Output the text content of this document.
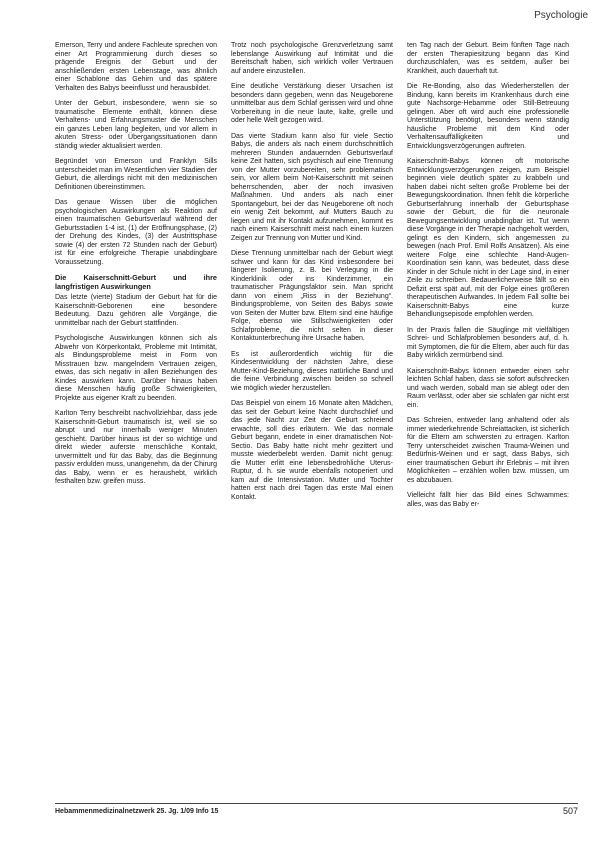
Psychologie

Emerson, Terry und andere Fachleute sprechen von einer Art Programmierung durch dieses so prägende Ereignis der Geburt und der anschließenden ersten Lebenstage, was ähnlich einer Schablone das Gehirn und das spätere Verhalten des Babys beeinflusst und herausbildet.

Unter der Geburt, insbesondere, wenn sie so traumatische Elemente enthält, können diese Verhaltens- und Erfahrungsmuster die Menschen ein ganzes Leben lang begleiten, und vor allem in akuten Stress- oder Übergangssituationen dann ständig wieder aktualisiert werden.

Begründet von Emerson und Franklyn Sills unterscheidet man im Wesentlichen vier Stadien der Geburt, die allerdings nicht mit den medizinischen Definitionen übereinstimmen.

Das genaue Wissen über die möglichen psychologischen Auswirkungen als Reaktion auf einen traumatischen Geburtsverlauf während der Geburtsstadien 1-4 ist, (1) der Eröffnungsphase, (2) der Drehung des Kindes, (3) der Austrittsphase sowie (4) der ersten 72 Stunden nach der Geburt) ist für eine erfolgreiche Therapie unabdingbare Voraussetzung.

Die Kaiserschnitt-Geburt und ihre langfristigen Auswirkungen

Das letzte (vierte) Stadium der Geburt hat für die Kaiserschnitt-Geborenen eine besondere Bedeutung. Dazu gehören alle Vorgänge, die unmittelbar nach der Geburt stattfinden.

Psychologische Auswirkungen können sich als Abwehr von Körperkontakt, Probleme mit Intimität, als Bindungsprobleme meist in Form von Misstrauen bzw. mangelndem Vertrauen zeigen, etwas, das sich negativ in allen Beziehungen des Kindes auswirken kann. Darüber hinaus haben diese Menschen häufig große Schwierigkeiten, Projekte aus eigener Kraft zu beenden.

Karlton Terry beschreibt nachvollziehbar, dass jede Kaiserschnitt-Geburt traumatisch ist, weil sie so abrupt und nur innerhalb weniger Minuten geschieht. Darüber hinaus ist der so wichtige und direkt wieder auferste menschliche Kontakt, unvermittelt und für das Baby, das die Beginnung passiv erdulden muss, unangenehm, da der Chirurg das Baby, wenn er es heraushebt, wirklich festhalten bzw. greifen muss.

Trotz noch psychologische Grenzverletzung samt lebenslange Auswirkung auf Intimität und die Bereitschaft haben, sich wirklich voller Vertrauen auf andere einzustellen.

Eine deutliche Verstärkung dieser Ursachen ist besonders dann gegeben, wenn das Neugeborene unmittelbar aus dem Schlaf gerissen wird und ohne Vorbereitung in die neue laute, kalte, grelle und oder helle Welt gezogen wird.

Das vierte Stadium kann also für viele Sectio Babys, die anders als nach einem durchschnittlich mehreren Stunden andauernden Geburtsverlauf keine Zeit hatten, sich psychisch auf eine Trennung von der Mutter vorzubereiten, sehr problematisch sein, vor allem beim Not-Kaiserschnitt mit seinen beherrschenden, aber der noch invasiven Maßnahmen. Und anders als nach einer Spontangeburt, bei der das Neugeborene oft noch ein wenig Zeit bekommt, auf Mutters Bauch zu liegen und mit ihr Kontakt aufzunehmen, kommt es nach einem Kaiserschnitt meist nach einem kurzen Zeigen zur Trennung von Mutter und Kind.

Diese Trennung unmittelbar nach der Geburt wiegt schwer und kann für das Kind insbesondere bei längerer Isolierung, z. B. bei Verlegung in die Kinderklinik oder ins Kinderzimmer, ein traumatischer Prägungsfaktor sein. Man spricht dann von einem „Riss in der Beziehung“. Bindungsprobleme, von Seiten des Babys sowie von Seiten der Mutter bzw. Eltern sind eine häufige Folge, ebenso wie Stillschwierigkeiten oder Schlafprobleme, die nicht selten in dieser Kontaktunterbrechung ihre Ursache haben.

Es ist außerordentlich wichtig für die Kindesentwicklung der nächsten Jahre, diese Mutter-Kind-Beziehung, dieses natürliche Band und die feine Verbindung zwischen beiden so schnell wie möglich wieder herzustellen.

Das Beispiel von einem 16 Monate alten Mädchen, das seit der Geburt keine Nacht durchschlief und das jede Nacht zur Zeit der Geburt schreiend erwachte, soll dies erläutern. Wie das normale Geburt begann, endete in einer dramatischen Not-Sectio. Das Baby hatte nicht mehr gezittert und musste wiederbelebt werden. Damit nicht genug: die Mutter erlitt eine lebensbedrohliche Uterus-Ruptur, d. h. sie wurde ebenfalls notoperiert und kam auf die Intensivstation. Mutter und Tochter hatten erst nach drei Tagen das erste Mal einen Kontakt.

ten Tag nach der Geburt. Beim fünften Tage nach der ersten Therapiesitzung begann das Kind durchzuschlafen, was es seitdem, außer bei Krankheit, auch dauerhaft tut.

Die Re-Bonding, also das Wiederherstellen der Bindung, kann bereits im Krankenhaus durch eine gute Nachsorge-Hebamme oder Still-Betreuung gelingen. Aber oft wird auch eine professionelle Unterstützung benötigt, besonders wenn ständig häusliche Probleme mit dem Kind oder Verhaltensauffälligkeiten und Entwicklungsverzögerungen auftreten.

Kaiserschnitt-Babys können oft motorische Entwicklungsverzögerungen zeigen, zum Beispiel beginnen viele deutlich später zu krabbeln und haben dabei nicht selten große Probleme bei der Bewegungskoordination. Ihnen fehlt die körperliche Geburtserfahrung innerhalb der Geburtsphase sowie der Geburt, die für die neuronale Bewegungsentwicklung unabdingbar ist. Tut wenn diese Vorgänge in der Therapie nachgeholt werden, gelingt es den Kindern, sich angemessen zu bewegen (nach Prof. Emil Rolfs Ansätzen). Als eine weitere Folge eine schlechte Hand-Augen-Koordination sein kann, was bedeutet, dass diese Kinder in der Schule nicht in der Lage sind, in einer Zeile zu schreiben. Bedauerlicherweise fällt so ein Defizit erst spät auf, mit der Folge eines größeren therapeutischen Aufwandes. In jedem Fall sollte bei Kaiserschnitt-Babys eine kurze Behandlungsepisode empfohlen werden.

In der Praxis fallen die Säuglinge mit vielfältigen Schrei- und Schlafproblemen besonders auf, d. h. mit Symptomen, die für die Eltern, aber auch für das Baby wirklich zermürbend sind.

Kaiserschnitt-Babys können entweder einen sehr leichten Schlaf haben, dass sie sofort aufschrecken und wach werden, sobald man sie ablegt oder den Raum verlässt, oder aber sie schlafen gar nicht erst ein.

Das Schreien, entweder lang anhaltend oder als immer wiederkehrende Schreiattacken, ist sicherlich für die Eltern am schwersten zu ertragen. Karlton Terry unterscheidet zwischen Trauma-Weinen und Bedürfnis-Weinen und er sagt, dass Babys, sich einer traumatischen Geburt ihr Erlebnis – mit ihren Möglichkeiten – erzählen wollen bzw. müssen, um es abzubauen.

Vielleicht fällt hier das Bild eines Schwammes: alles, was das Baby er-

Hebammenmedizinalnetzwerk 25. Jg. 1/09 Info 15	507
